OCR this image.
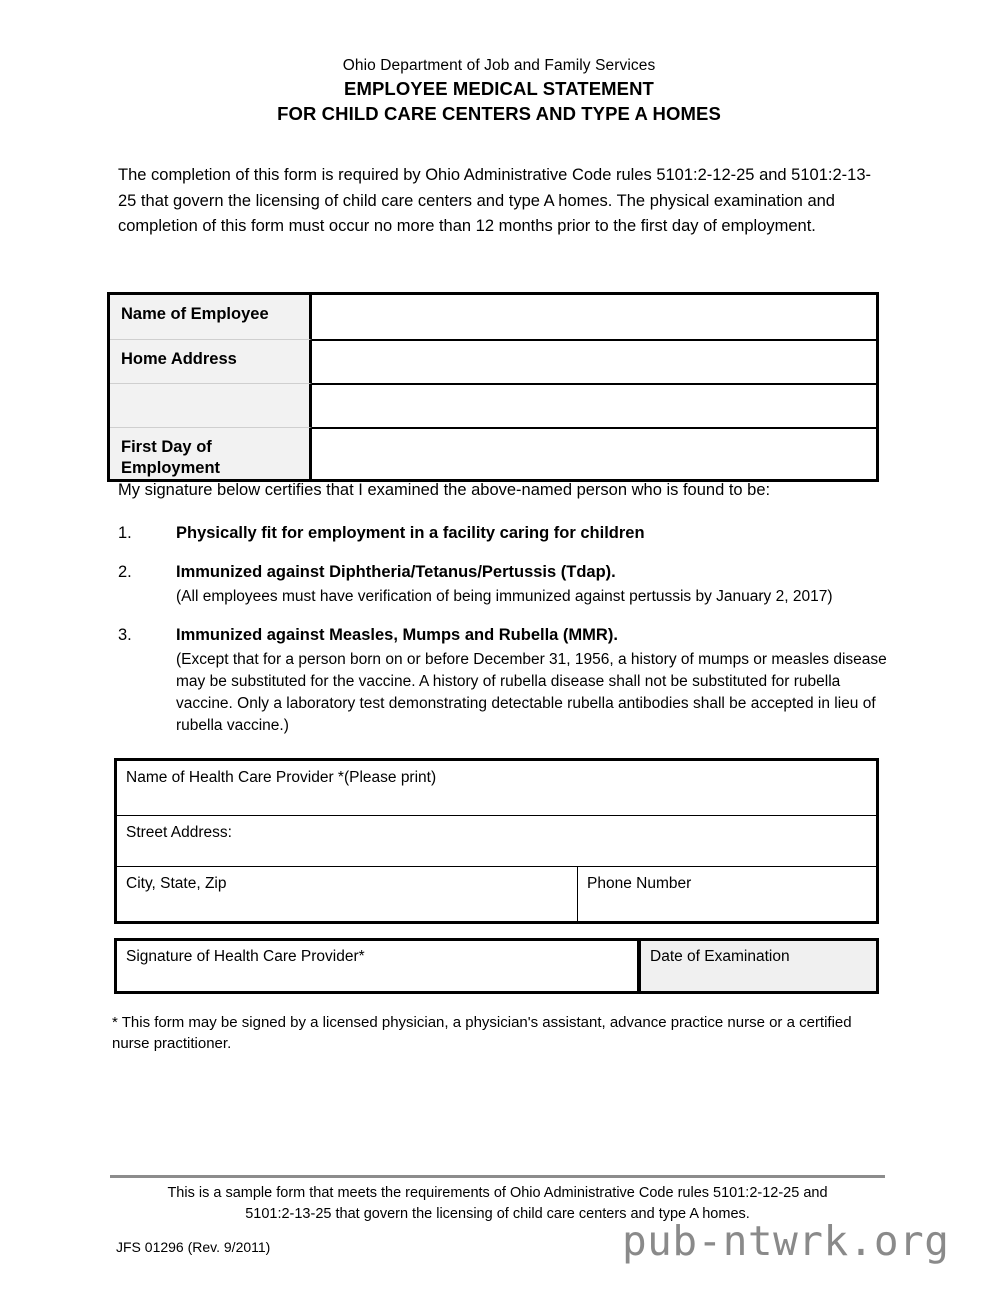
Ohio Department of Job and Family Services
EMPLOYEE MEDICAL STATEMENT
FOR CHILD CARE CENTERS AND TYPE A HOMES
The completion of this form is required by Ohio Administrative Code rules 5101:2-12-25 and 5101:2-13-25 that govern the licensing of child care centers and type A homes. The physical examination and completion of this form must occur no more than 12 months prior to the first day of employment.
Name of Employee
Home Address
First Day of Employment
My signature below certifies that I examined the above-named person who is found to be:
1.	Physically fit for employment in a facility caring for children
2.	Immunized against Diphtheria/Tetanus/Pertussis (Tdap).
(All employees must have verification of being immunized against pertussis by January 2, 2017)
3.	Immunized against Measles, Mumps and Rubella (MMR).
(Except that for a person born on or before December 31, 1956, a history of mumps or measles disease may be substituted for the vaccine. A history of rubella disease shall not be substituted for rubella vaccine. Only a laboratory test demonstrating detectable rubella antibodies shall be accepted in lieu of rubella vaccine.)
Name of Health Care Provider *(Please print)
Street Address:
City, State, Zip	Phone Number
Signature of Health Care Provider*	Date of Examination
* This form may be signed by a licensed physician, a physician's assistant, advance practice nurse or a certified nurse practitioner.
This is a sample form that meets the requirements of Ohio Administrative Code rules 5101:2-12-25 and
5101:2-13-25 that govern the licensing of child care centers and type A homes.
JFS 01296 (Rev. 9/2011)	pub-ntwrk.org
